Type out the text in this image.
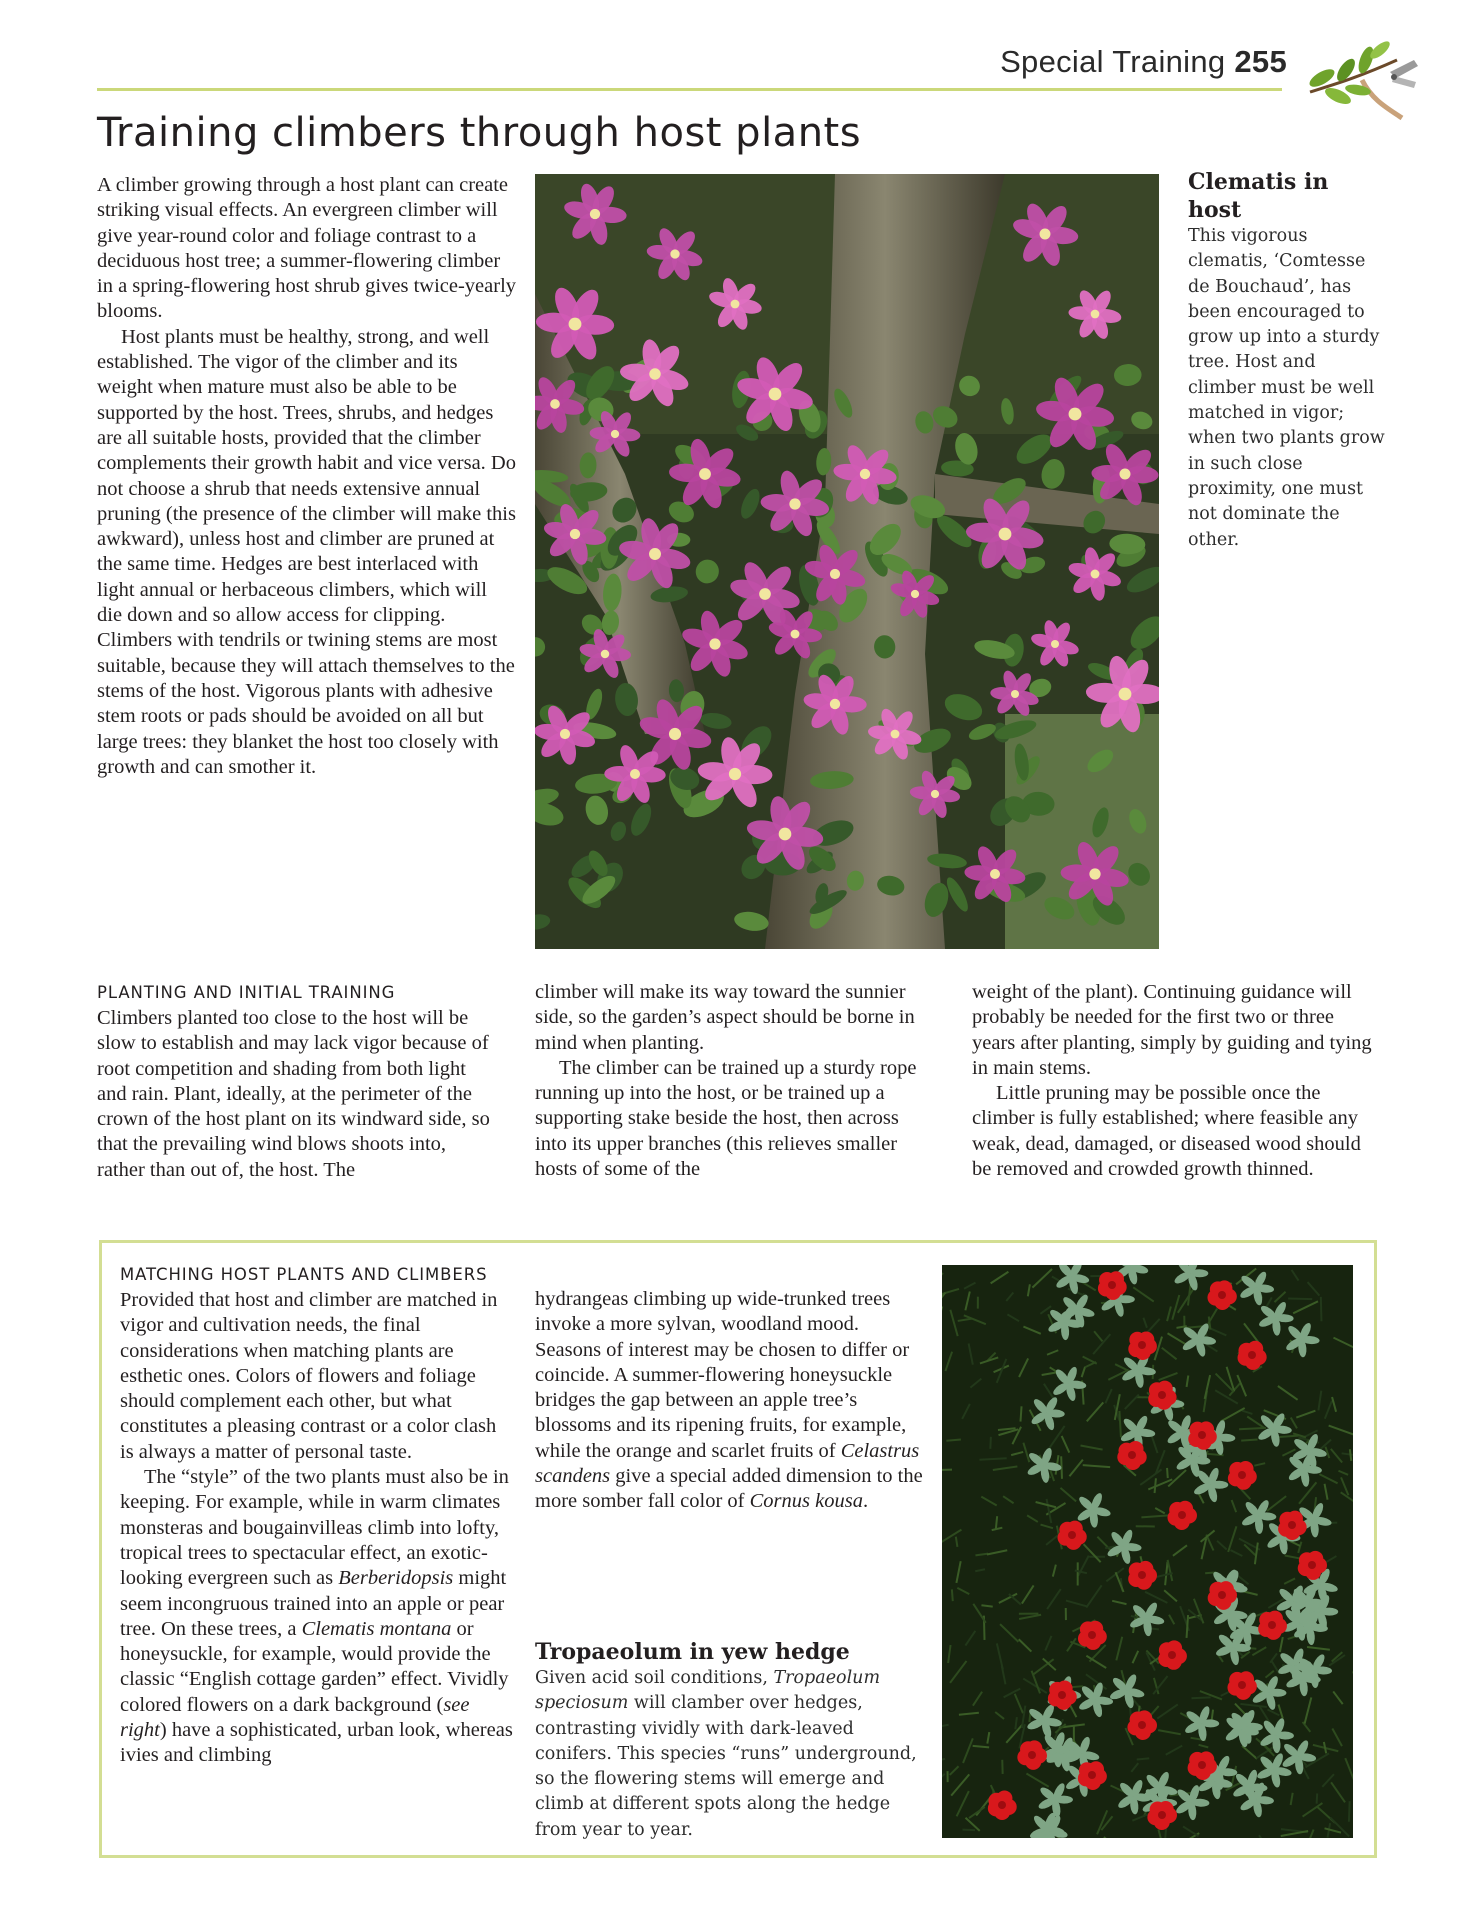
Special Training 255
Training climbers through host plants

A climber growing through a host plant can create striking visual effects. An evergreen climber will give year-round color and foliage contrast to a deciduous host tree; a summer-flowering climber in a spring-flowering host shrub gives twice-yearly blooms.

Host plants must be healthy, strong, and well established. The vigor of the climber and its weight when mature must also be able to be supported by the host. Trees, shrubs, and hedges are all suitable hosts, provided that the climber complements their growth habit and vice versa. Do not choose a shrub that needs extensive annual pruning (the presence of the climber will make this awkward), unless host and climber are pruned at the same time. Hedges are best interlaced with light annual or herbaceous climbers, which will die down and so allow access for clipping. Climbers with tendrils or twining stems are most suitable, because they will attach themselves to the stems of the host. Vigorous plants with adhesive stem roots or pads should be avoided on all but large trees: they blanket the host too closely with growth and can smother it.

Clematis in host
This vigorous clematis, ‘Comtesse de Bouchaud’, has been encouraged to grow up into a sturdy tree. Host and climber must be well matched in vigor; when two plants grow in such close proximity, one must not dominate the other.
PLANTING AND INITIAL TRAINING

Climbers planted too close to the host will be slow to establish and may lack vigor because of root competition and shading from both light and rain. Plant, ideally, at the perimeter of the crown of the host plant on its windward side, so that the prevailing wind blows shoots into, rather than out of, the host. The

climber will make its way toward the sunnier side, so the garden’s aspect should be borne in mind when planting.

The climber can be trained up a sturdy rope running up into the host, or be trained up a supporting stake beside the host, then across into its upper branches (this relieves smaller hosts of some of the

weight of the plant). Continuing guidance will probably be needed for the first two or three years after planting, simply by guiding and tying in main stems.

Little pruning may be possible once the climber is fully established; where feasible any weak, dead, damaged, or diseased wood should be removed and crowded growth thinned.

MATCHING HOST PLANTS AND CLIMBERS

Provided that host and climber are matched in vigor and cultivation needs, the final considerations when matching plants are esthetic ones. Colors of flowers and foliage should complement each other, but what constitutes a pleasing contrast or a color clash is always a matter of personal taste.

The “style” of the two plants must also be in keeping. For example, while in warm climates monsteras and bougainvilleas climb into lofty, tropical trees to spectacular effect, an exotic-looking evergreen such as Berberidopsis might seem incongruous trained into an apple or pear tree. On these trees, a Clematis montana or honeysuckle, for example, would provide the classic “English cottage garden” effect. Vividly colored flowers on a dark background (see right) have a sophisticated, urban look, whereas ivies and climbing

hydrangeas climbing up wide-trunked trees invoke a more sylvan, woodland mood. Seasons of interest may be chosen to differ or coincide. A summer-flowering honeysuckle bridges the gap between an apple tree’s blossoms and its ripening fruits, for example, while the orange and scarlet fruits of Celastrus scandens give a special added dimension to the more somber fall color of Cornus kousa.

Tropaeolum in yew hedge
Given acid soil conditions, Tropaeolum speciosum will clamber over hedges, contrasting vividly with dark-leaved conifers. This species “runs” underground, so the flowering stems will emerge and climb at different spots along the hedge from year to year.
